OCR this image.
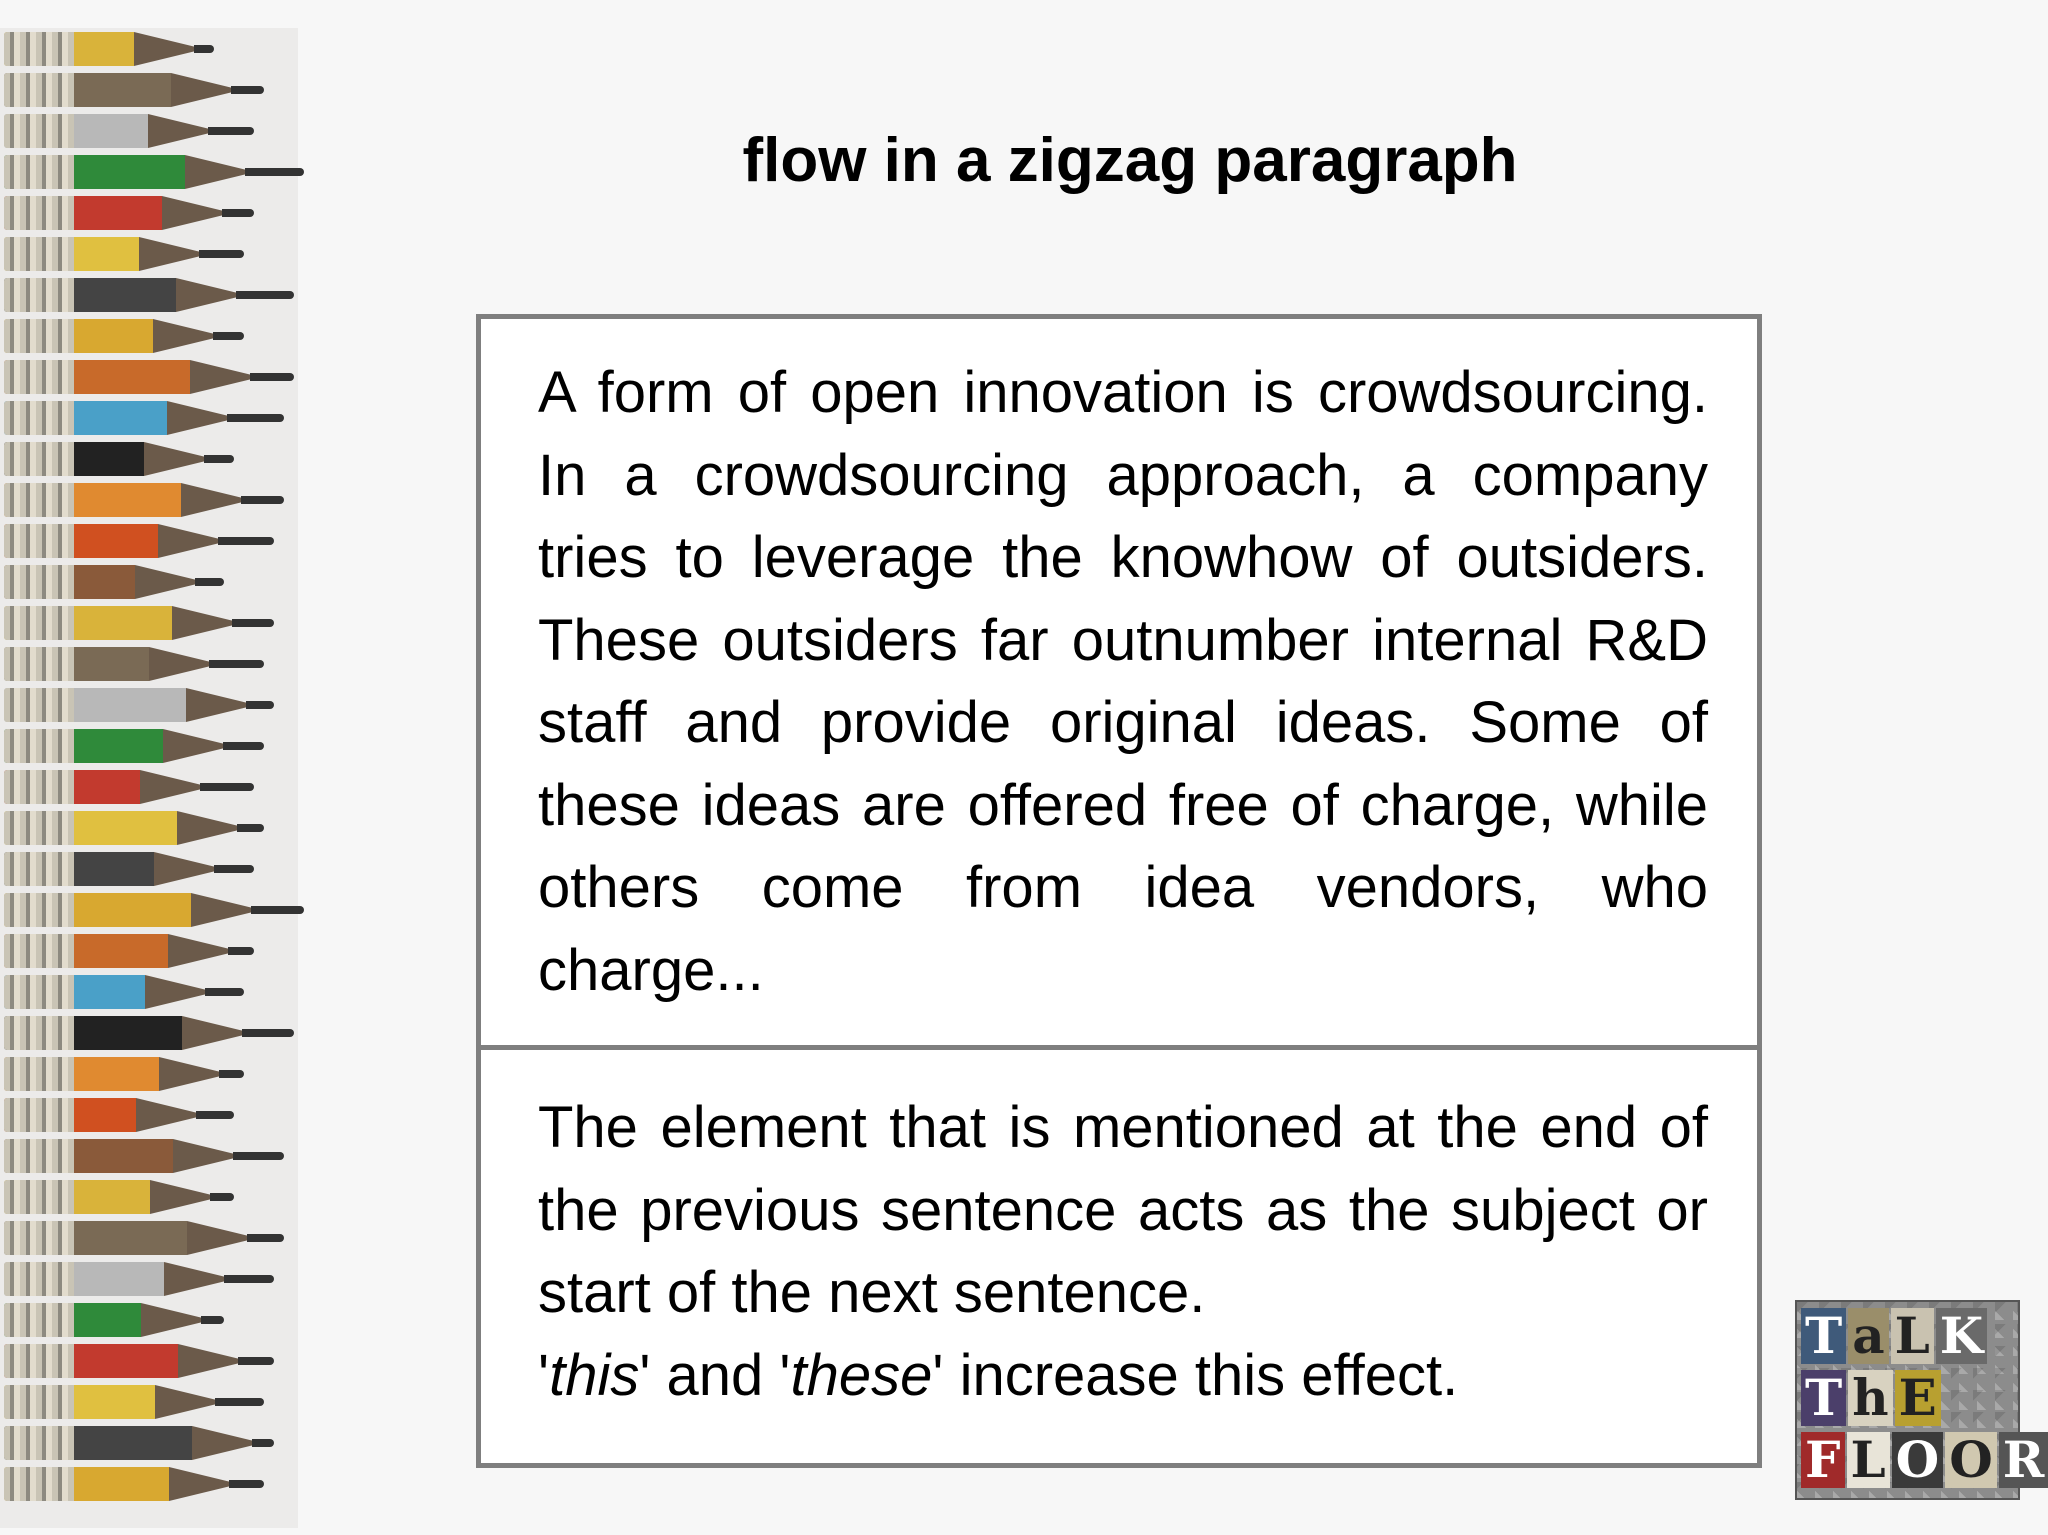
flow in a zigzag paragraph
A form of open innovation is crowdsourcing. In a crowdsourcing approach, a company tries to leverage the knowhow of outsiders. These outsiders far outnumber internal R&D staff and provide original ideas. Some of these ideas are offered free of charge, while others come from idea vendors, who charge...
The element that is mentioned at the end of the previous sentence acts as the subject or start of the next sentence.
'this' and 'these' increase this effect.
T a L K
T h E
F L O O R
